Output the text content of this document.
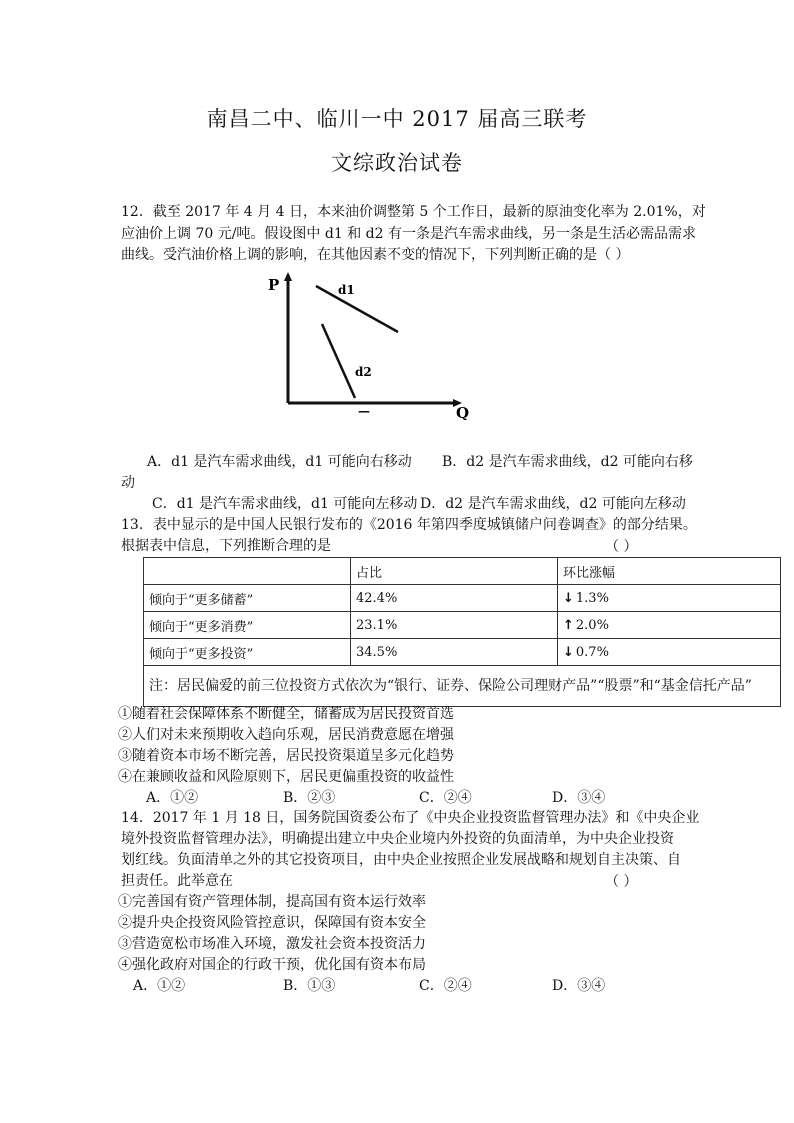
南昌二中、临川一中 2017 届高三联考
文综政治试卷
12．截至 2017 年 4 月 4 日，本来油价调整第 5 个工作日，最新的原油变化率为 2.01%，对
应油价上调 70 元/吨。假设图中 d1 和 d2 有一条是汽车需求曲线，另一条是生活必需品需求
曲线。受汽油价格上调的影响，在其他因素不变的情况下，下列判断正确的是（ ）
P
Q
d1
d2
—
A．d1 是汽车需求曲线，d1 可能向右移动 B．d2 是汽车需求曲线，d2 可能向右移
动
C．d1 是汽车需求曲线，d1 可能向左移动 D．d2 是汽车需求曲线，d2 可能向左移动
13．表中显示的是中国人民银行发布的《2016 年第四季度城镇储户问卷调查》的部分结果。
根据表中信息，下列推断合理的是	（ ）
	占比	环比涨幅
倾向于“更多储蓄”	42.4%	↓ 1.3%
倾向于“更多消费”	23.1%	↑ 2.0%
倾向于“更多投资”	34.5%	↓ 0.7%
注：居民偏爱的前三位投资方式依次为“银行、证券、保险公司理财产品”“股票”和“基金信托产品”		
①随着社会保障体系不断健全，储蓄成为居民投资首选
②人们对未来预期收入趋向乐观，居民消费意愿在增强
③随着资本市场不断完善，居民投资渠道呈多元化趋势
④在兼顾收益和风险原则下，居民更偏重投资的收益性
A．①②	B．②③	C．②④	D．③④
14．2017 年 1 月 18 日，国务院国资委公布了《中央企业投资监督管理办法》和《中央企业
境外投资监督管理办法》，明确提出建立中央企业境内外投资的负面清单，为中央企业投资
划红线。负面清单之外的其它投资项目，由中央企业按照企业发展战略和规划自主决策、自
担责任。此举意在	（ ）
①完善国有资产管理体制，提高国有资本运行效率
②提升央企投资风险管控意识，保障国有资本安全
③营造宽松市场准入环境，激发社会资本投资活力
④强化政府对国企的行政干预，优化国有资本布局
A．①②	B．①③	C．②④	D．③④
